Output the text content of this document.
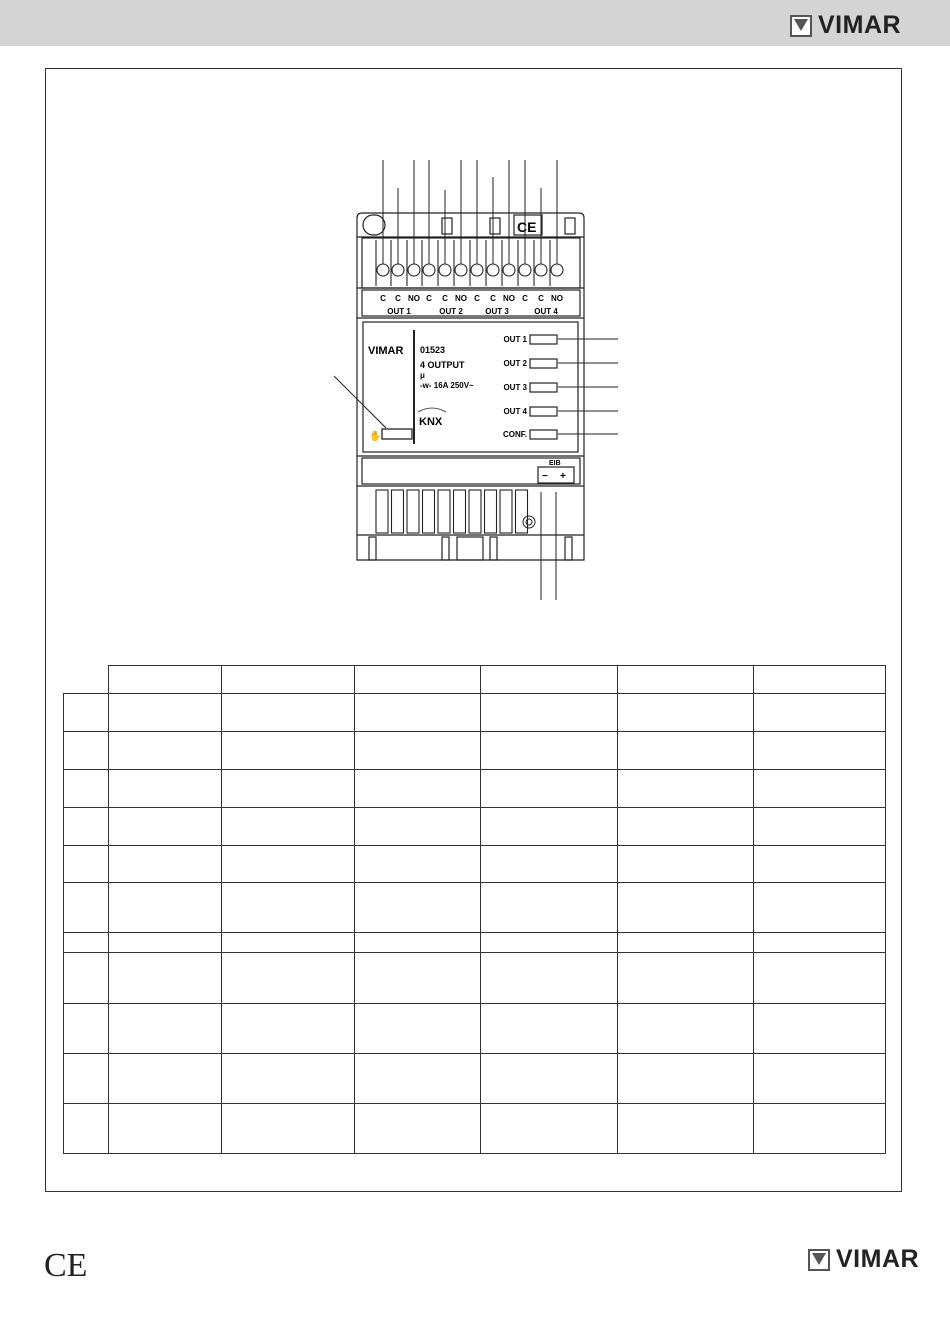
VIMAR
C C NO C C NO C C NO C C NO
OUT 1	OUT 2	OUT 3	OUT 4
CE
VIMAR 01523
4 OUTPUT
μ
-w- 16A 250V~
KNX
✋
OUT 1
OUT 2
OUT 3
OUT 4
CONF.
EIB
− +

CE	VIMAR
